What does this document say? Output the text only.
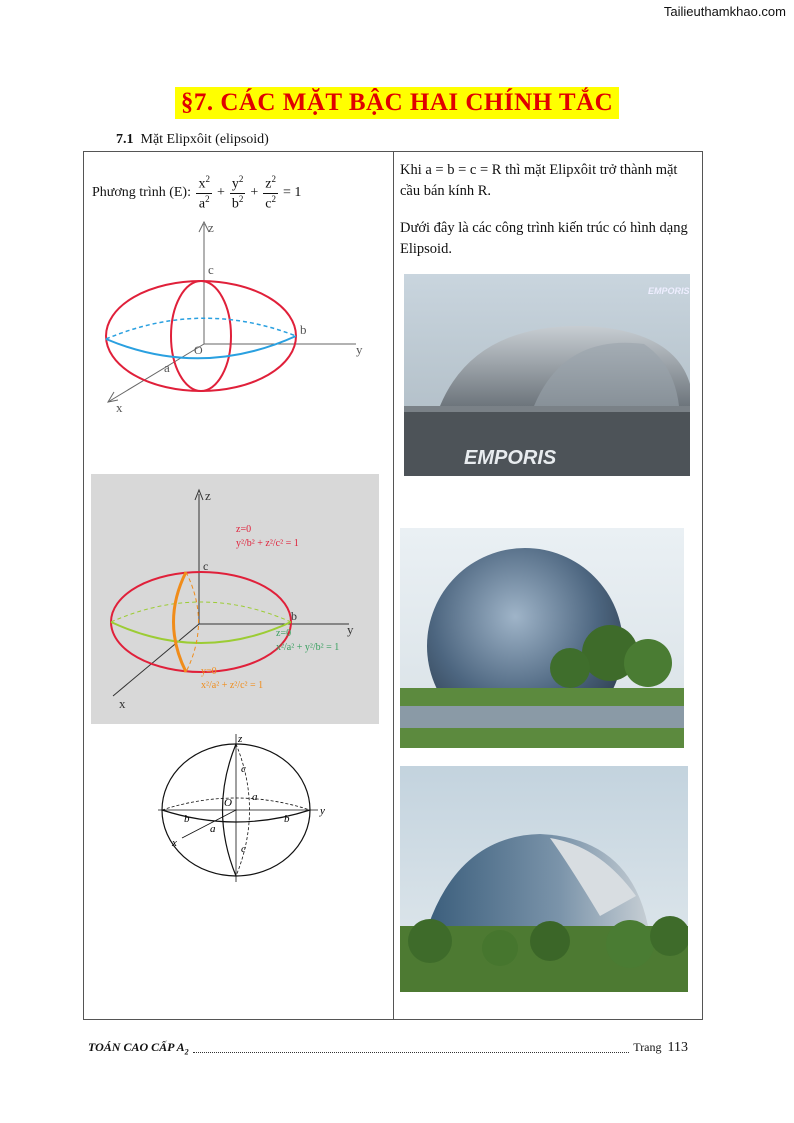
Tailieuthamkhao.com
§7. CÁC MẶT BẬC HAI CHÍNH TẮC
7.1 Mặt Elipxôit (elipsoid)
Phương trình (E):
$\frac{x^2}{a^2} + \frac{y^2}{b^2} + \frac{z^2}{c^2} = 1$
c
b
O
a
x
y
z
c
b
y
z
x
z=0
y²/b² + z²/c² = 1
z=0
x²/a² + y²/b² = 1
y=0
x²/a² + z²/c² = 1
z
c
c
b	b
O a
a
y
x
Khi a = b = c = R thì mặt Elipxôit trở thành mặt cầu bán kính R.
Dưới đây là các công trình kiến trúc có hình dạng Elipsoid.
EMPORIS
EMPORIS
TOÁN CAO CẤP $A_2$	Trang 113
